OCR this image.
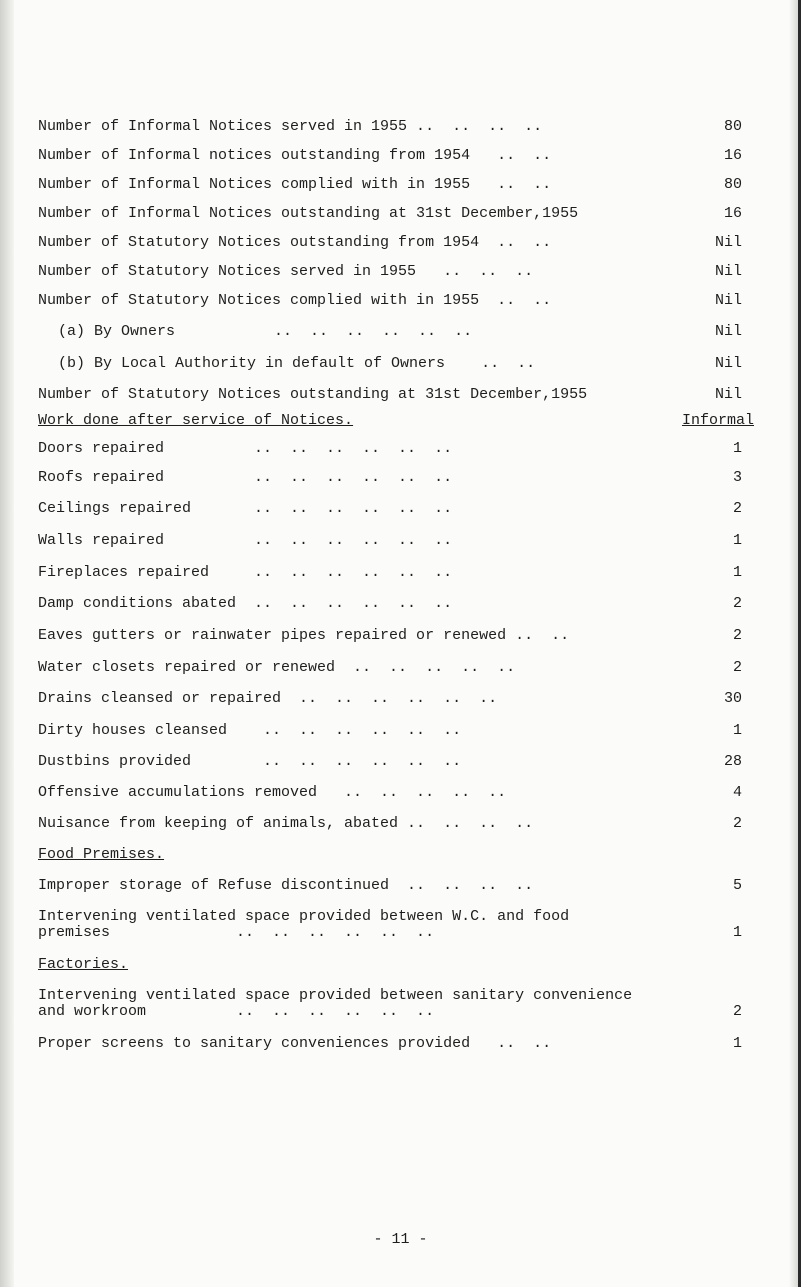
Number of Informal Notices served in 1955 ..  ..  ..  ..	80
Number of Informal notices outstanding from 1954   ..  ..	16
Number of Informal Notices complied with in 1955   ..  ..	80
Number of Informal Notices outstanding at 31st December,1955	16
Number of Statutory Notices outstanding from 1954  ..  ..	Nil
Number of Statutory Notices served in 1955   ..  ..  ..	Nil
Number of Statutory Notices complied with in 1955  ..  ..	Nil
(a) By Owners           ..  ..  ..  ..  ..  ..	Nil
(b) By Local Authority in default of Owners    ..  ..	Nil
Number of Statutory Notices outstanding at 31st December,1955	Nil
Work done after service of Notices.	Informal
Doors repaired          ..  ..  ..  ..  ..  ..	1
Roofs repaired          ..  ..  ..  ..  ..  ..	3
Ceilings repaired       ..  ..  ..  ..  ..  ..	2
Walls repaired          ..  ..  ..  ..  ..  ..	1
Fireplaces repaired     ..  ..  ..  ..  ..  ..	1
Damp conditions abated  ..  ..  ..  ..  ..  ..	2
Eaves gutters or rainwater pipes repaired or renewed ..  ..	2
Water closets repaired or renewed  ..  ..  ..  ..  ..	2
Drains cleansed or repaired  ..  ..  ..  ..  ..  ..	30
Dirty houses cleansed    ..  ..  ..  ..  ..  ..	1
Dustbins provided        ..  ..  ..  ..  ..  ..	28
Offensive accumulations removed   ..  ..  ..  ..  ..	4
Nuisance from keeping of animals, abated ..  ..  ..  ..	2
Food Premises.
Improper storage of Refuse discontinued  ..  ..  ..  ..	5
Intervening ventilated space provided between W.C. and food
premises              ..  ..  ..  ..  ..  ..	1
Factories.
Intervening ventilated space provided between sanitary convenience
and workroom          ..  ..  ..  ..  ..  ..	2
Proper screens to sanitary conveniences provided   ..  ..	1
- 11 -
